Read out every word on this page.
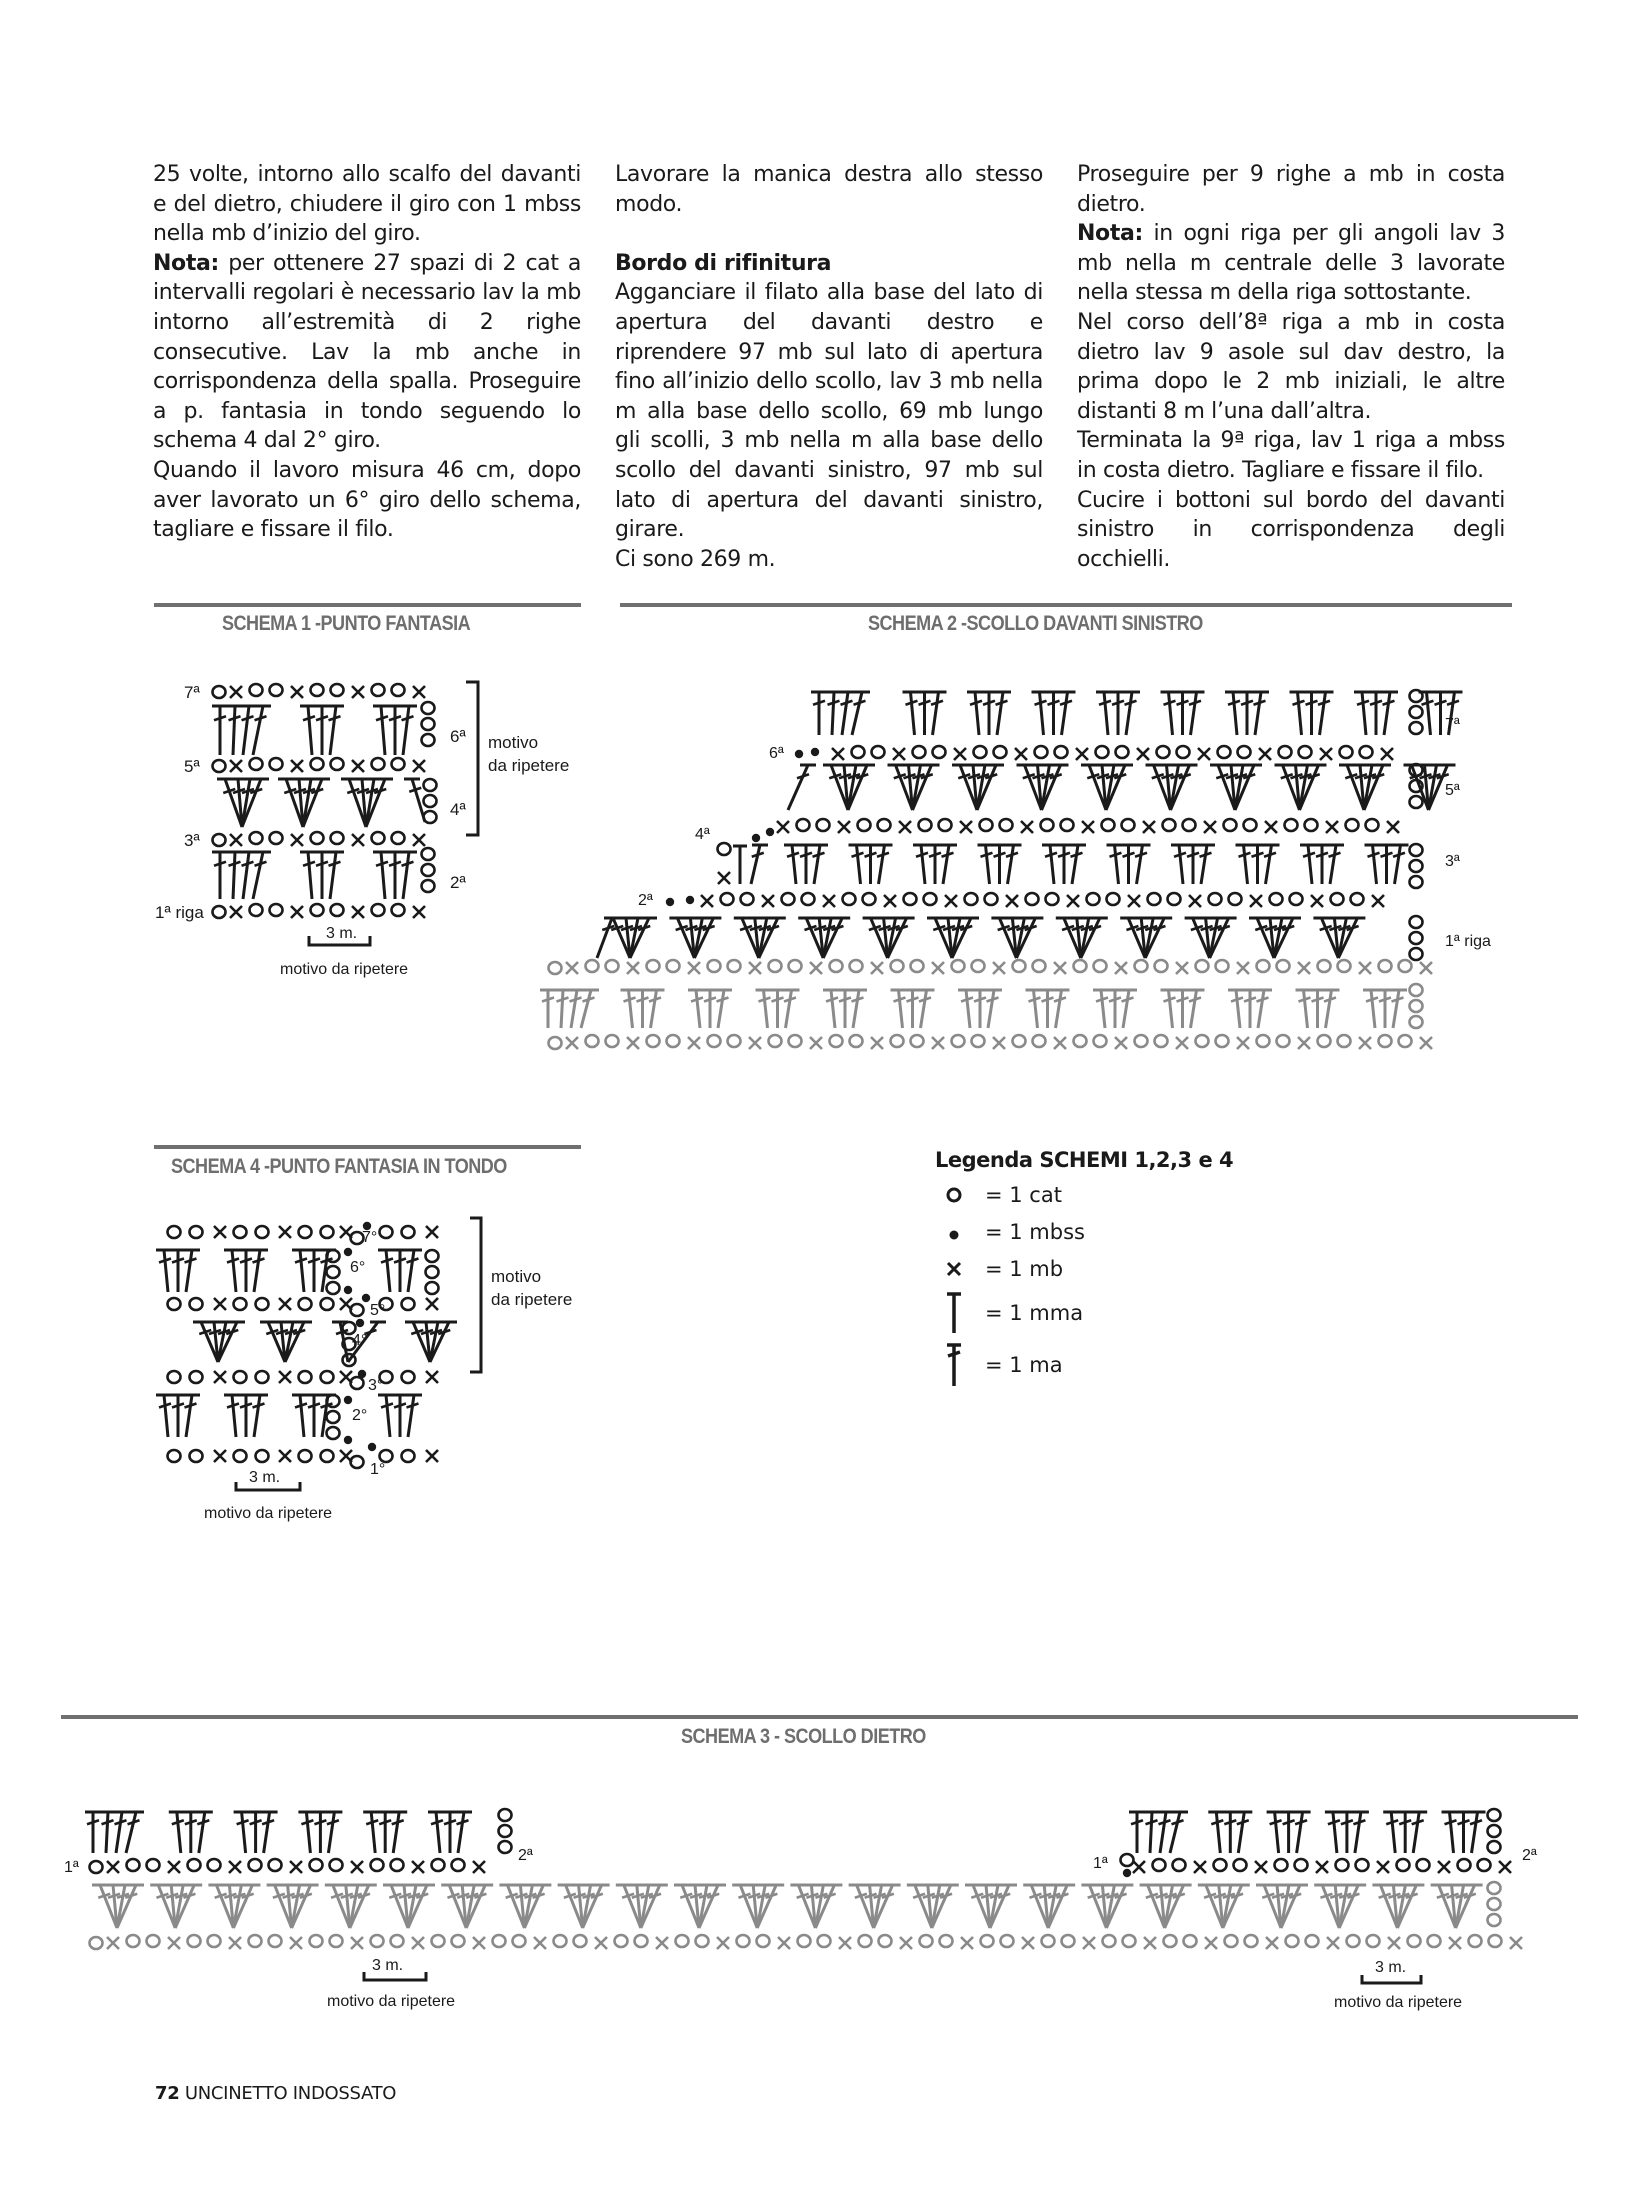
25 volte, intorno allo scalfo del davanti e del dietro, chiudere il giro con 1 mbss nella mb d’inizio del giro.

Nota: per ottenere 27 spazi di 2 cat a intervalli regolari è necessario lav la mb intorno all’estremità di 2 righe consecutive. Lav la mb anche in corrispondenza della spalla. Proseguire a p. fantasia in tondo seguendo lo schema 4 dal 2° giro.

Quando il lavoro misura 46 cm, dopo aver lavorato un 6° giro dello schema, tagliare e fissare il filo.

Lavorare la manica destra allo stesso modo.

Bordo di rifinitura

Agganciare il filato alla base del lato di apertura del davanti destro e riprendere 97 mb sul lato di apertura fino all’inizio dello scollo, lav 3 mb nella m alla base dello scollo, 69 mb lungo gli scolli, 3 mb nella m alla base dello scollo del davanti sinistro, 97 mb sul lato di apertura del davanti sinistro, girare.

Ci sono 269 m.

Proseguire per 9 righe a mb in costa dietro.

Nota: in ogni riga per gli angoli lav 3 mb nella m centrale delle 3 lavorate nella stessa m della riga sottostante.

Nel corso dell’8ª riga a mb in costa dietro lav 9 asole sul dav destro, la prima dopo le 2 mb iniziali, le altre distanti 8 m l’una dall’altra.

Terminata la 9ª riga, lav 1 riga a mbss in costa dietro. Tagliare e fissare il filo.

Cucire i bottoni sul bordo del davanti sinistro in corrispondenza degli occhielli.

SCHEMA 1 -PUNTO FANTASIA
7ª
6ª
5ª
4ª
3ª
2ª
1ª riga
motivo
da ripetere
3 m.
motivo da ripetere
SCHEMA 2 -SCOLLO DAVANTI SINISTRO
7ª
6ª
5ª
4ª
3ª
2ª
1ª riga
SCHEMA 4 -PUNTO FANTASIA IN TONDO
7°
6°
5°
4°
3°
2°
1°
motivo
da ripetere
3 m.
motivo da ripetere
Legenda SCHEMI 1,2,3 e 4
= 1 cat
= 1 mbss
= 1 mb
= 1 mma
= 1 ma
SCHEMA 3 - SCOLLO DIETRO
2ª
1ª
2ª
1ª
3 m.
motivo da ripetere
3 m.
motivo da ripetere
72 UNCINETTO INDOSSATO
